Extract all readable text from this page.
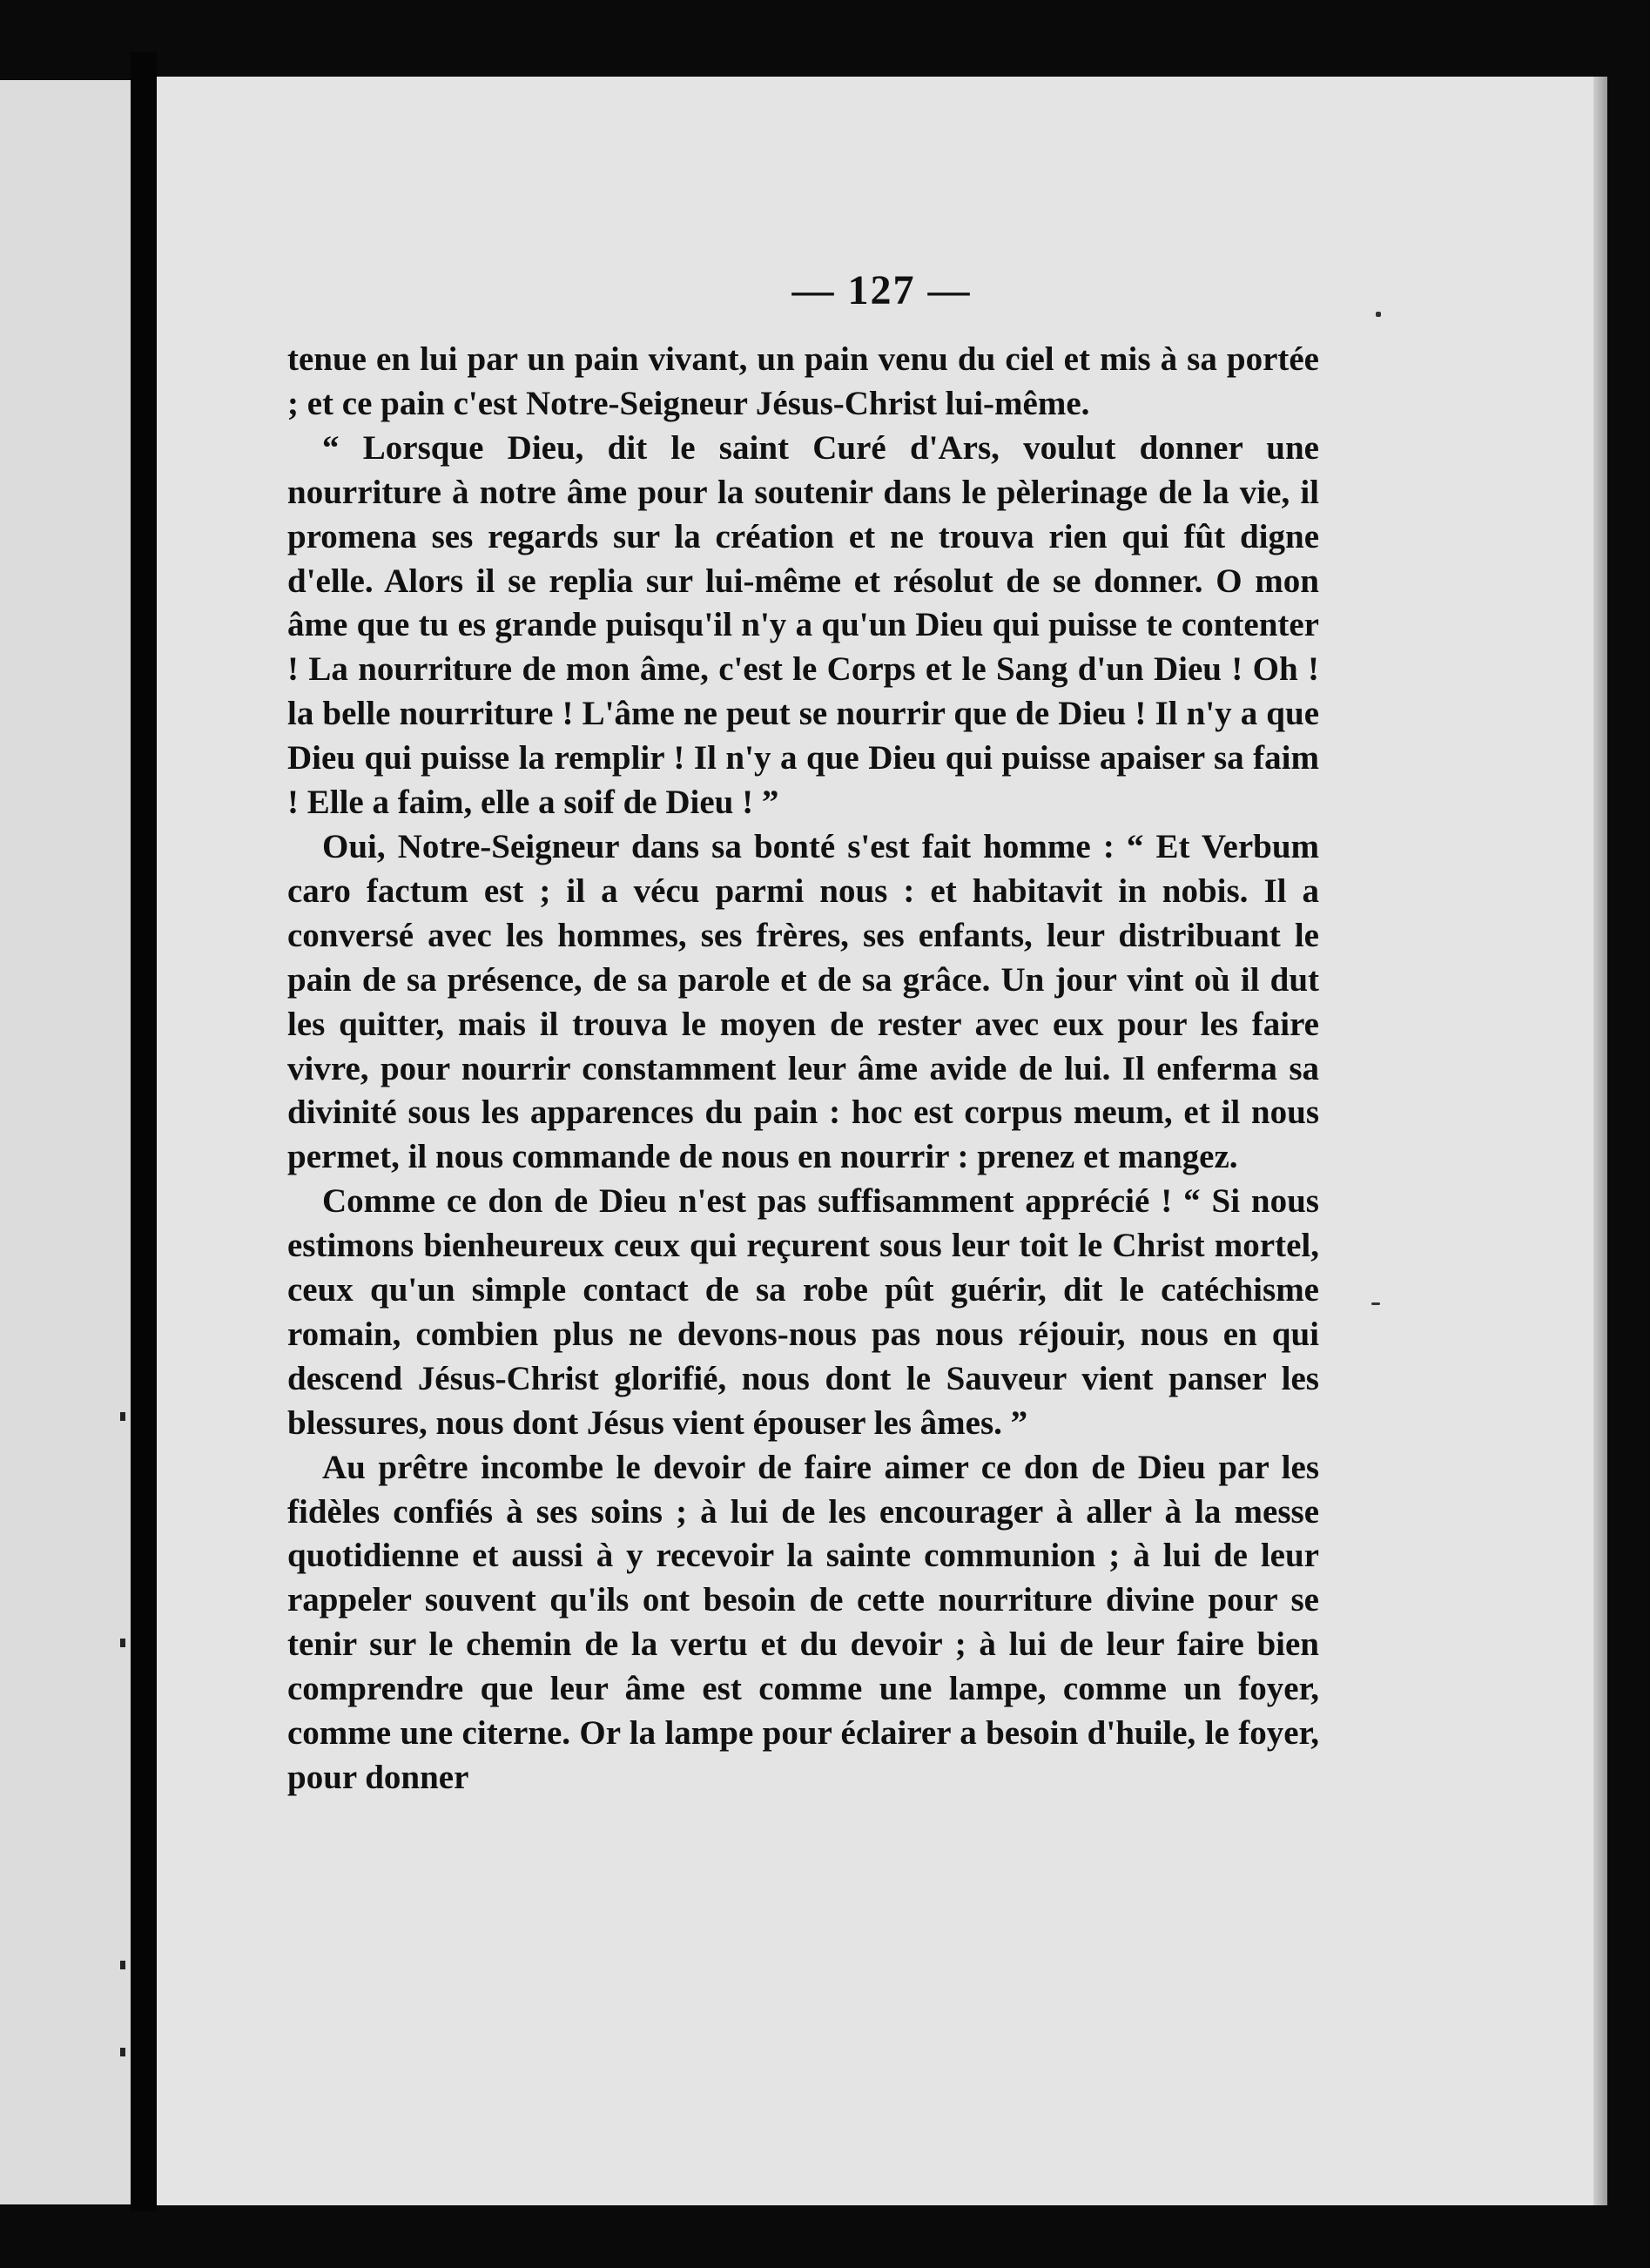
— 127 —

tenue en lui par un pain vivant, un pain venu du ciel et mis à sa portée ; et ce pain c'est Notre-Seigneur Jésus-Christ lui-même.

“ Lorsque Dieu, dit le saint Curé d'Ars, voulut donner une nourriture à notre âme pour la soutenir dans le pèlerinage de la vie, il promena ses regards sur la création et ne trouva rien qui fût digne d'elle. Alors il se replia sur lui-même et résolut de se donner. O mon âme que tu es grande puisqu'il n'y a qu'un Dieu qui puisse te contenter ! La nourriture de mon âme, c'est le Corps et le Sang d'un Dieu ! Oh ! la belle nourriture ! L'âme ne peut se nourrir que de Dieu ! Il n'y a que Dieu qui puisse la remplir ! Il n'y a que Dieu qui puisse apaiser sa faim ! Elle a faim, elle a soif de Dieu ! ”

Oui, Notre-Seigneur dans sa bonté s'est fait homme : “ Et Verbum caro factum est ; il a vécu parmi nous : et habitavit in nobis. Il a conversé avec les hommes, ses frères, ses enfants, leur distribuant le pain de sa présence, de sa parole et de sa grâce. Un jour vint où il dut les quitter, mais il trouva le moyen de rester avec eux pour les faire vivre, pour nourrir constamment leur âme avide de lui. Il enferma sa divinité sous les apparences du pain : hoc est corpus meum, et il nous permet, il nous commande de nous en nourrir : prenez et mangez.

Comme ce don de Dieu n'est pas suffisamment apprécié ! “ Si nous estimons bienheureux ceux qui reçurent sous leur toit le Christ mortel, ceux qu'un simple contact de sa robe pût guérir, dit le catéchisme romain, combien plus ne devons-nous pas nous réjouir, nous en qui descend Jésus-Christ glorifié, nous dont le Sauveur vient panser les blessures, nous dont Jésus vient épouser les âmes. ”

Au prêtre incombe le devoir de faire aimer ce don de Dieu par les fidèles confiés à ses soins ; à lui de les encourager à aller à la messe quotidienne et aussi à y recevoir la sainte communion ; à lui de leur rappeler souvent qu'ils ont besoin de cette nourriture divine pour se tenir sur le chemin de la vertu et du devoir ; à lui de leur faire bien comprendre que leur âme est comme une lampe, comme un foyer, comme une citerne. Or la lampe pour éclairer a besoin d'huile, le foyer, pour donner
